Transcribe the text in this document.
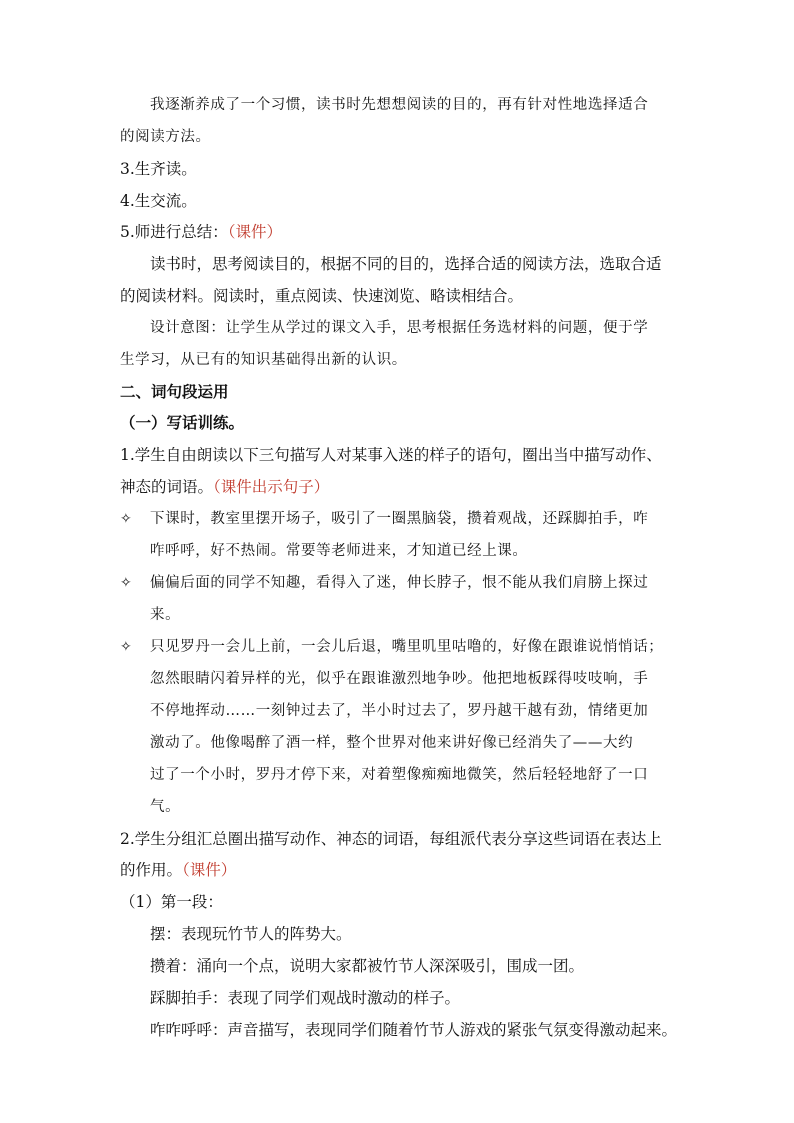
我逐渐养成了一个习惯，读书时先想想阅读的目的，再有针对性地选择适合
的阅读方法。
3.生齐读。
4.生交流。
5.师进行总结：（课件）
读书时，思考阅读目的，根据不同的目的，选择合适的阅读方法，选取合适
的阅读材料。阅读时，重点阅读、快速浏览、略读相结合。
设计意图：让学生从学过的课文入手，思考根据任务选材料的问题，便于学
生学习，从已有的知识基础得出新的认识。
二、词句段运用
（一）写话训练。
1.学生自由朗读以下三句描写人对某事入迷的样子的语句，圈出当中描写动作、
神态的词语。（课件出示句子）
✧ 下课时，教室里摆开场子，吸引了一圈黑脑袋，攒着观战，还踩脚拍手，咋
咋呼呼，好不热闹。常要等老师进来，才知道已经上课。
✧ 偏偏后面的同学不知趣，看得入了迷，伸长脖子，恨不能从我们肩膀上探过
来。
✧ 只见罗丹一会儿上前，一会儿后退，嘴里叽里咕噜的，好像在跟谁说悄悄话；
忽然眼睛闪着异样的光，似乎在跟谁激烈地争吵。他把地板踩得吱吱响，手
不停地挥动……一刻钟过去了，半小时过去了，罗丹越干越有劲，情绪更加
激动了。他像喝醉了酒一样，整个世界对他来讲好像已经消失了——大约
过了一个小时，罗丹才停下来，对着塑像痴痴地微笑，然后轻轻地舒了一口
气。
2.学生分组汇总圈出描写动作、神态的词语，每组派代表分享这些词语在表达上
的作用。（课件）
（1）第一段：
摆：表现玩竹节人的阵势大。
攒着：涌向一个点，说明大家都被竹节人深深吸引，围成一团。
踩脚拍手：表现了同学们观战时激动的样子。
咋咋呼呼：声音描写，表现同学们随着竹节人游戏的紧张气氛变得激动起来。
